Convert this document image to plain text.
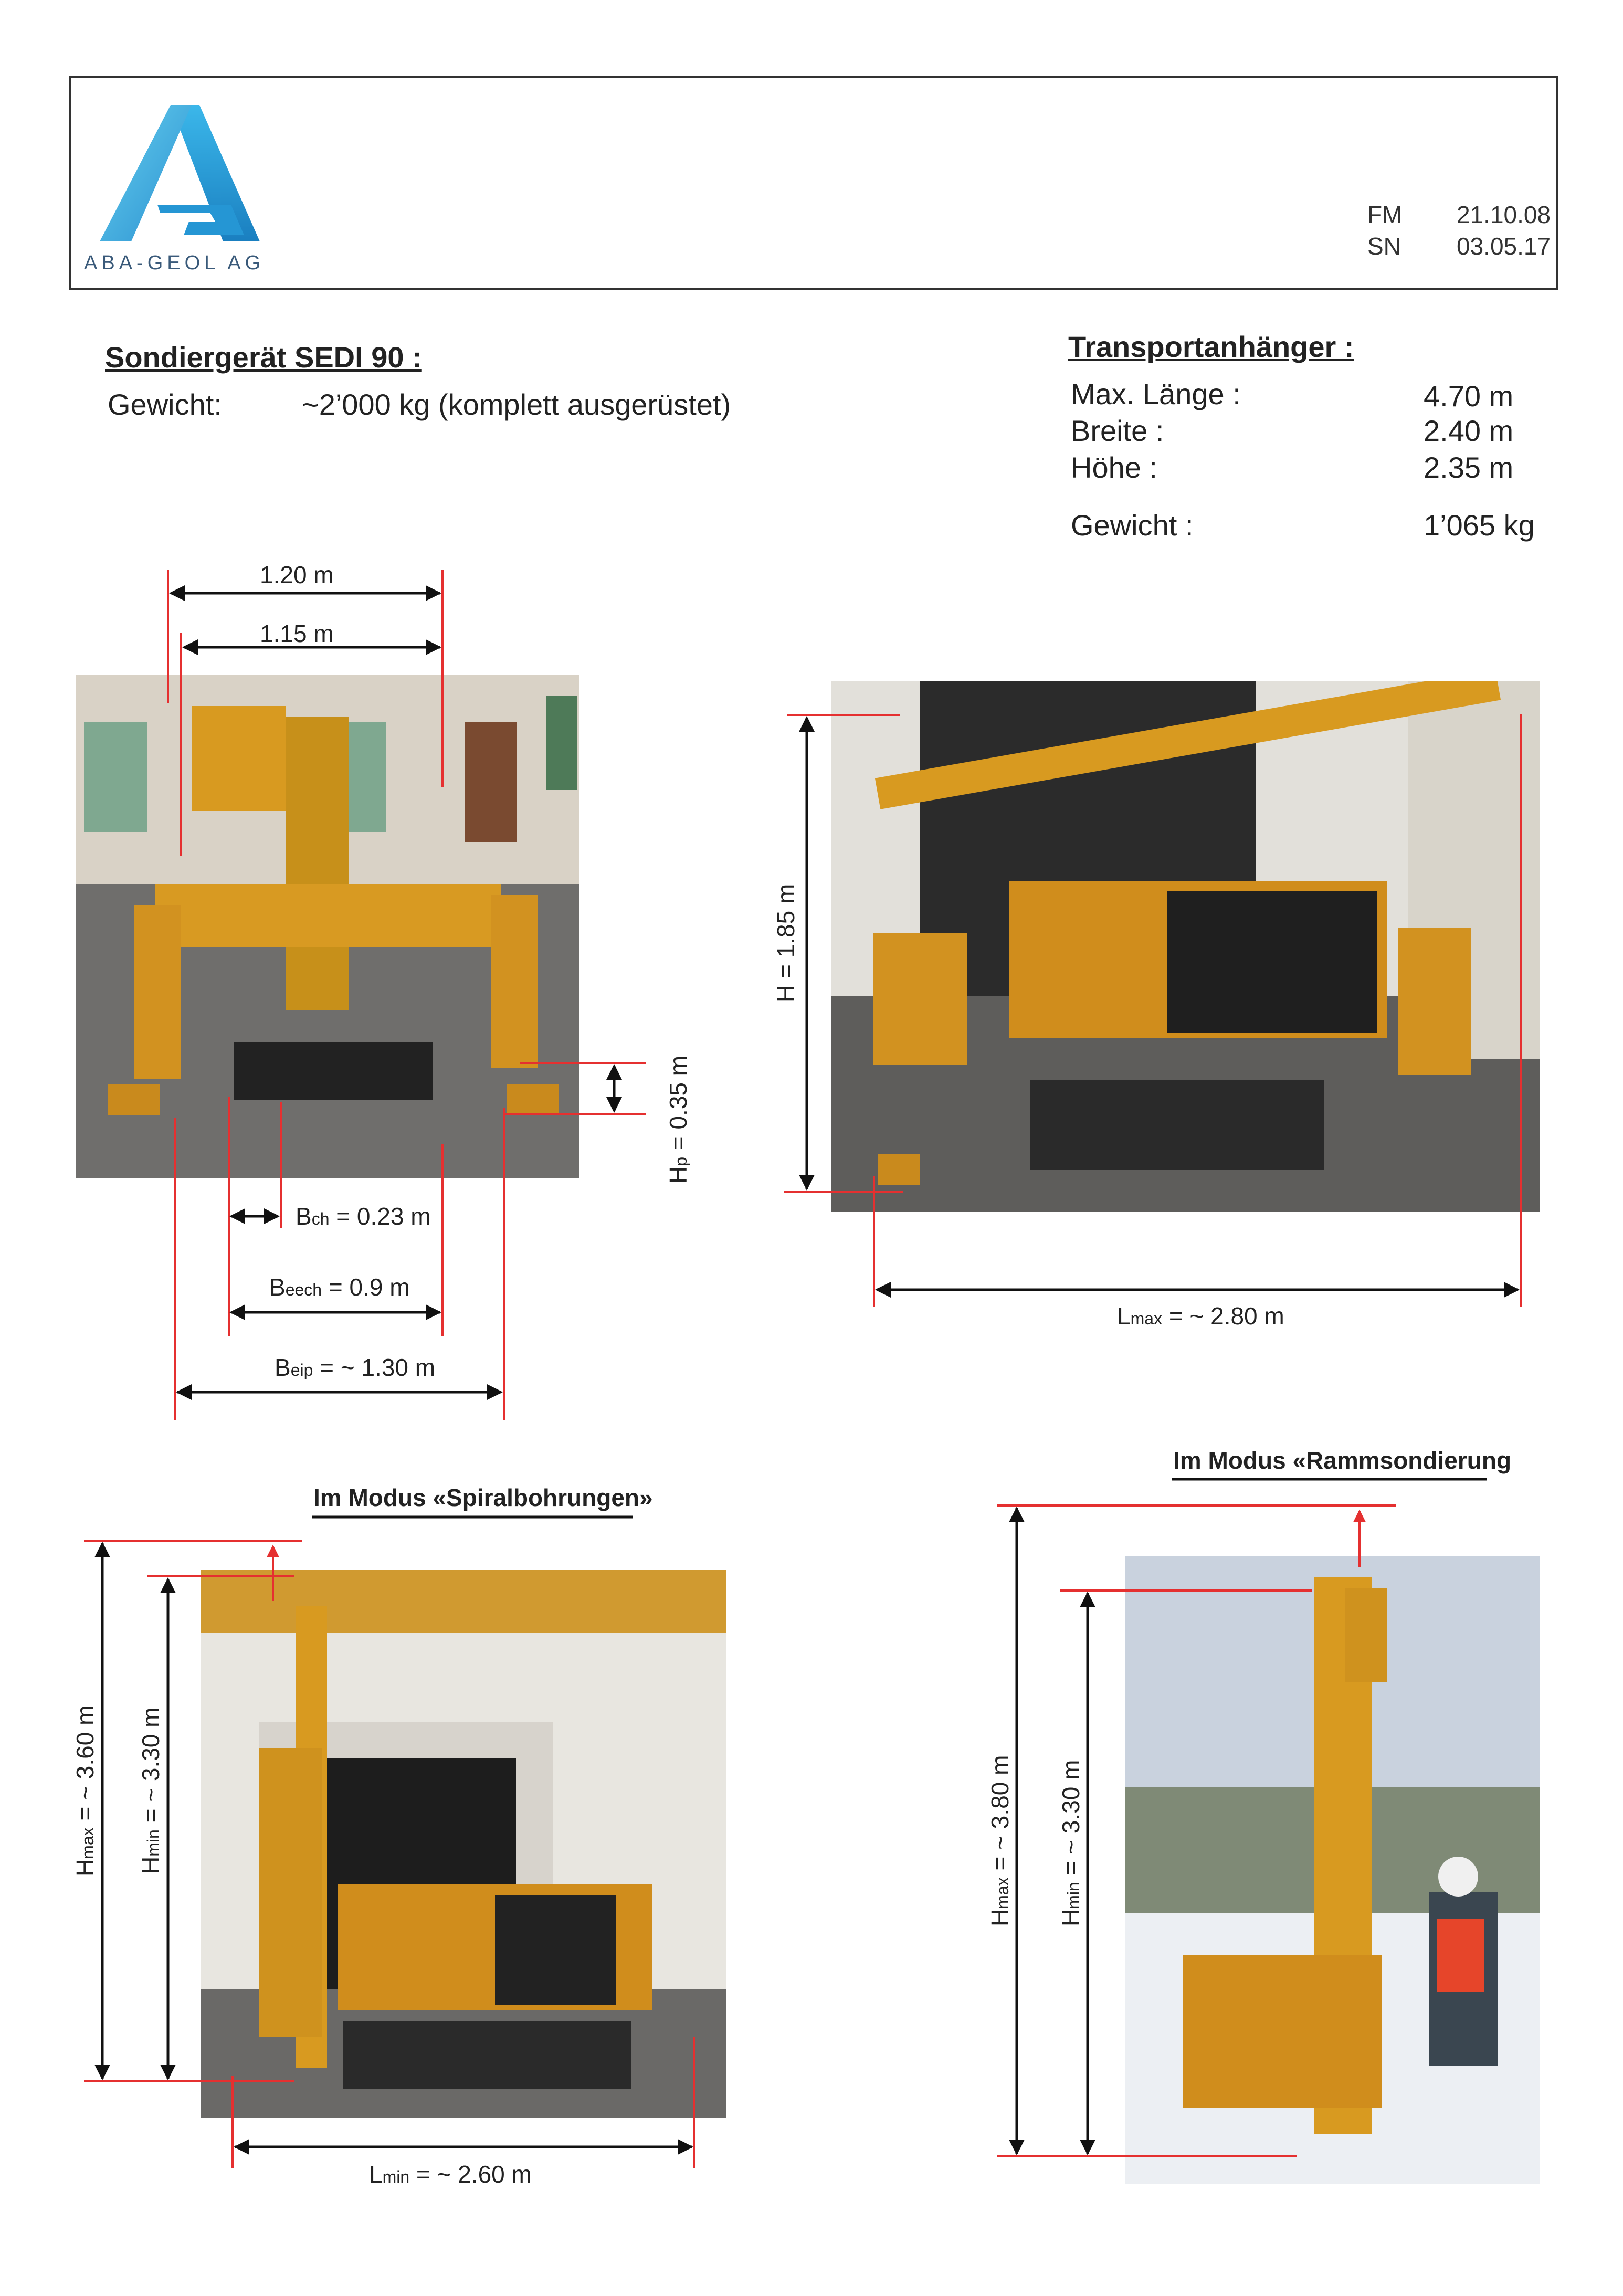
ABA-GEOL AG
FM 21.10.08
SN 03.05.17
Sondiergerät SEDI 90 :
Gewicht:	~2’000 kg (komplett ausgerüstet)
Transportanhänger :
Max. Länge :	4.70 m
Breite :	2.40 m
Höhe :	2.35 m
Gewicht :	1’065 kg
1.20 m
1.15 m
Hp = 0.35 m
Bch = 0.23 m
Beech = 0.9 m
Beip = ~ 1.30 m
H = 1.85 m
Lmax = ~ 2.80 m
Im Modus «Spiralbohrungen»
Hmax = ~ 3.60 m
Hmin = ~ 3.30 m
Lmin = ~ 2.60 m
Im Modus «Rammsondierung
Hmax = ~ 3.80 m
Hmin = ~ 3.30 m
